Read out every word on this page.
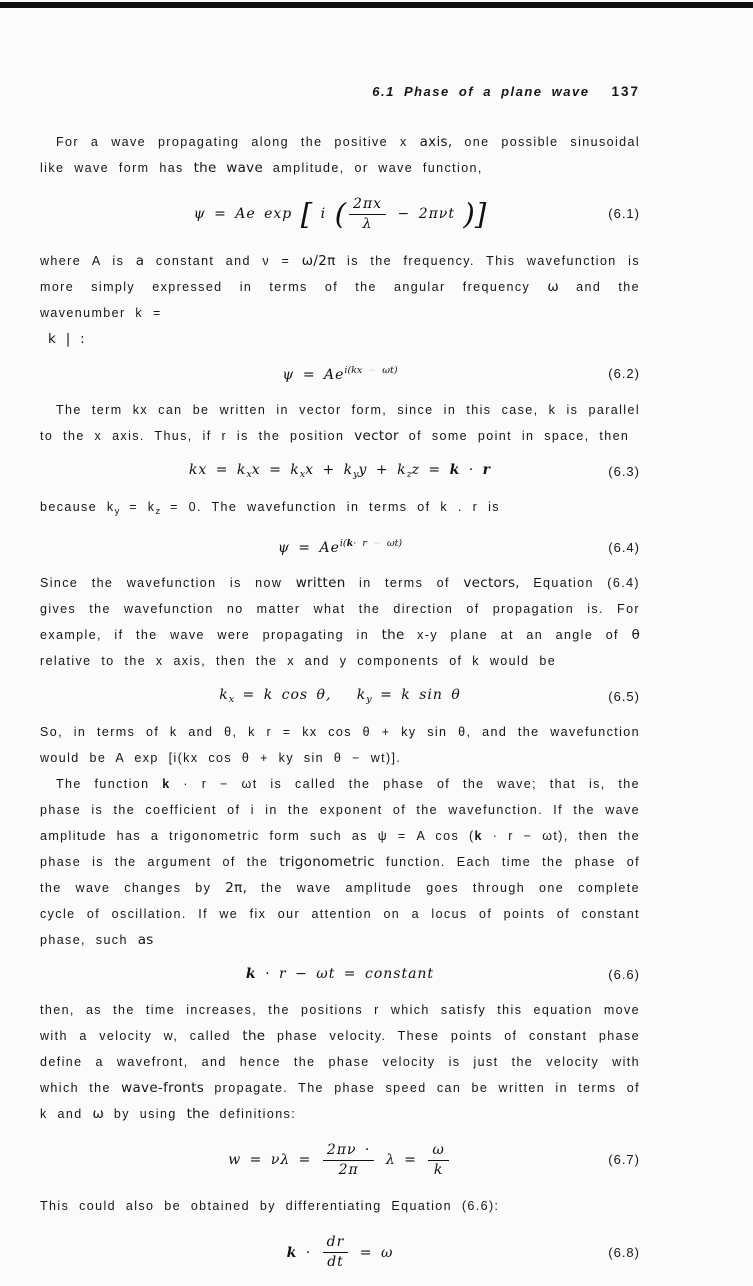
6.1 Phase of a plane wave 137

For a wave propagating along the positive x axis, one possible sinusoidal like wave form has the wave amplitude, or wave function,

ψ = Ae exp [ i ( $\frac{2\pi x}{\lambda} - 2\pi\nu t$ )]	(6.1)

where A is a constant and ν = ω/2π is the frequency. This wavefunction is more simply expressed in terms of the angular frequency ω and the wavenumber k =

k | :

$\psi = Ae^{i(kx}$ − $^{\omega t)}$	(6.2)

The term kx can be written in vector form, since in this case, k is parallel to the x axis. Thus, if r is the position vector of some point in space, then

kx = $k_xx = k_xx + k_yy + k_zz = k \cdot r$	(6.3)

because $k_y = k_z = 0$. The wavefunction in terms of k . r is

$\psi = Ae^{i(k\cdot r}$ − $^{\omega t)}$	(6.4)

Since the wavefunction is now written in terms of vectors, Equation (6.4) gives the wavefunction no matter what the direction of propagation is. For example, if the wave were propagating in the x-y plane at an angle of θ relative to the x axis, then the x and y components of k would be

$k_x = k$ cos θ,   $k_y = k$ sin θ	(6.5)

So, in terms of k and θ, k r = kx cos θ + ky sin θ, and the wavefunction would be A exp [i(kx cos θ + ky sin θ − wt)].

The function k · r − ωt is called the phase of the wave; that is, the phase is the coefficient of i in the exponent of the wavefunction. If the wave amplitude has a trigonometric form such as ψ = A cos (k · r − ωt), then the phase is the argument of the trigonometric function. Each time the phase of the wave changes by 2π, the wave amplitude goes through one complete cycle of oscillation. If we fix our attention on a locus of points of constant phase, such as

k · r − ωt = constant	(6.6)

then, as the time increases, the positions r which satisfy this equation move with a velocity w, called the phase velocity. These points of constant phase define a wavefront, and hence the phase velocity is just the velocity with which the wave-fronts propagate. The phase speed can be written in terms of k and ω by using the definitions:

$w = \nu\lambda = \frac{2\pi\nu \cdot}{2\pi}$ $\lambda = \frac{\omega}{k}$	(6.7)

This could also be obtained by differentiating Equation (6.6):

$k \cdot \frac{dr}{dt} = \omega$	(6.8)
